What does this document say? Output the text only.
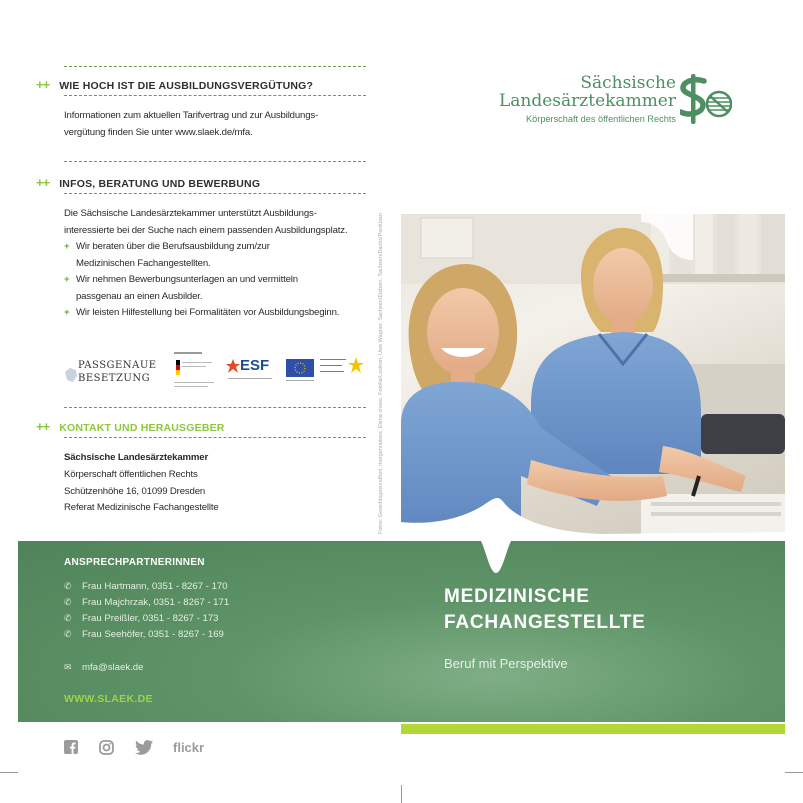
++ WIE HOCH IST DIE AUSBILDUNGSVERGÜTUNG?
Informationen zum aktuellen Tarifvertrag und zur Ausbildungs-
vergütung finden Sie unter www.slaek.de/mfa.
++ INFOS, BERATUNG UND BEWERBUNG
Die Sächsische Landesärztekammer unterstützt Ausbildungs-
interessierte bei der Suche nach einem passenden Ausbildungsplatz.
+ Wir beraten über die Berufsausbildung zum/zur
Medizinischen Fachangestellten.
+ Wir nehmen Bewerbungsunterlagen an und vermitteln
passgenau an einen Ausbilder.
+ Wir leisten Hilfestellung bei Formalitäten vor Ausbildungsbeginn.
PASSGENAUE
BESETZUNG
ESF
++ KONTAKT UND HERAUSGEBER
Sächsische Landesärztekammer
Körperschaft öffentlichen Rechts
Schützenhöhe 16, 01099 Dresden
Referat Medizinische Fachangestellte	Fotos: Gesichtsgesundheit, morgennoises, Elena crewe, Fotolia/Lexikon, Uwe Wagner, Sachsen/Eisbein, Sachsen/Dachs/Perdüsen
Sächsische
Landesärztekammer
Körperschaft des öffentlichen Rechts
ANSPRECHPARTNERINNEN
✆ Frau Hartmann, 0351 - 8267 - 170
✆ Frau Majchrzak, 0351 - 8267 - 171
✆ Frau Preißler, 0351 - 8267 - 173
✆ Frau Seehöfer, 0351 - 8267 - 169
✉ mfa@slaek.de
WWW.SLAEK.DE
MEDIZINISCHE
FACHANGESTELLTE
Beruf mit Perspektive
flickr
